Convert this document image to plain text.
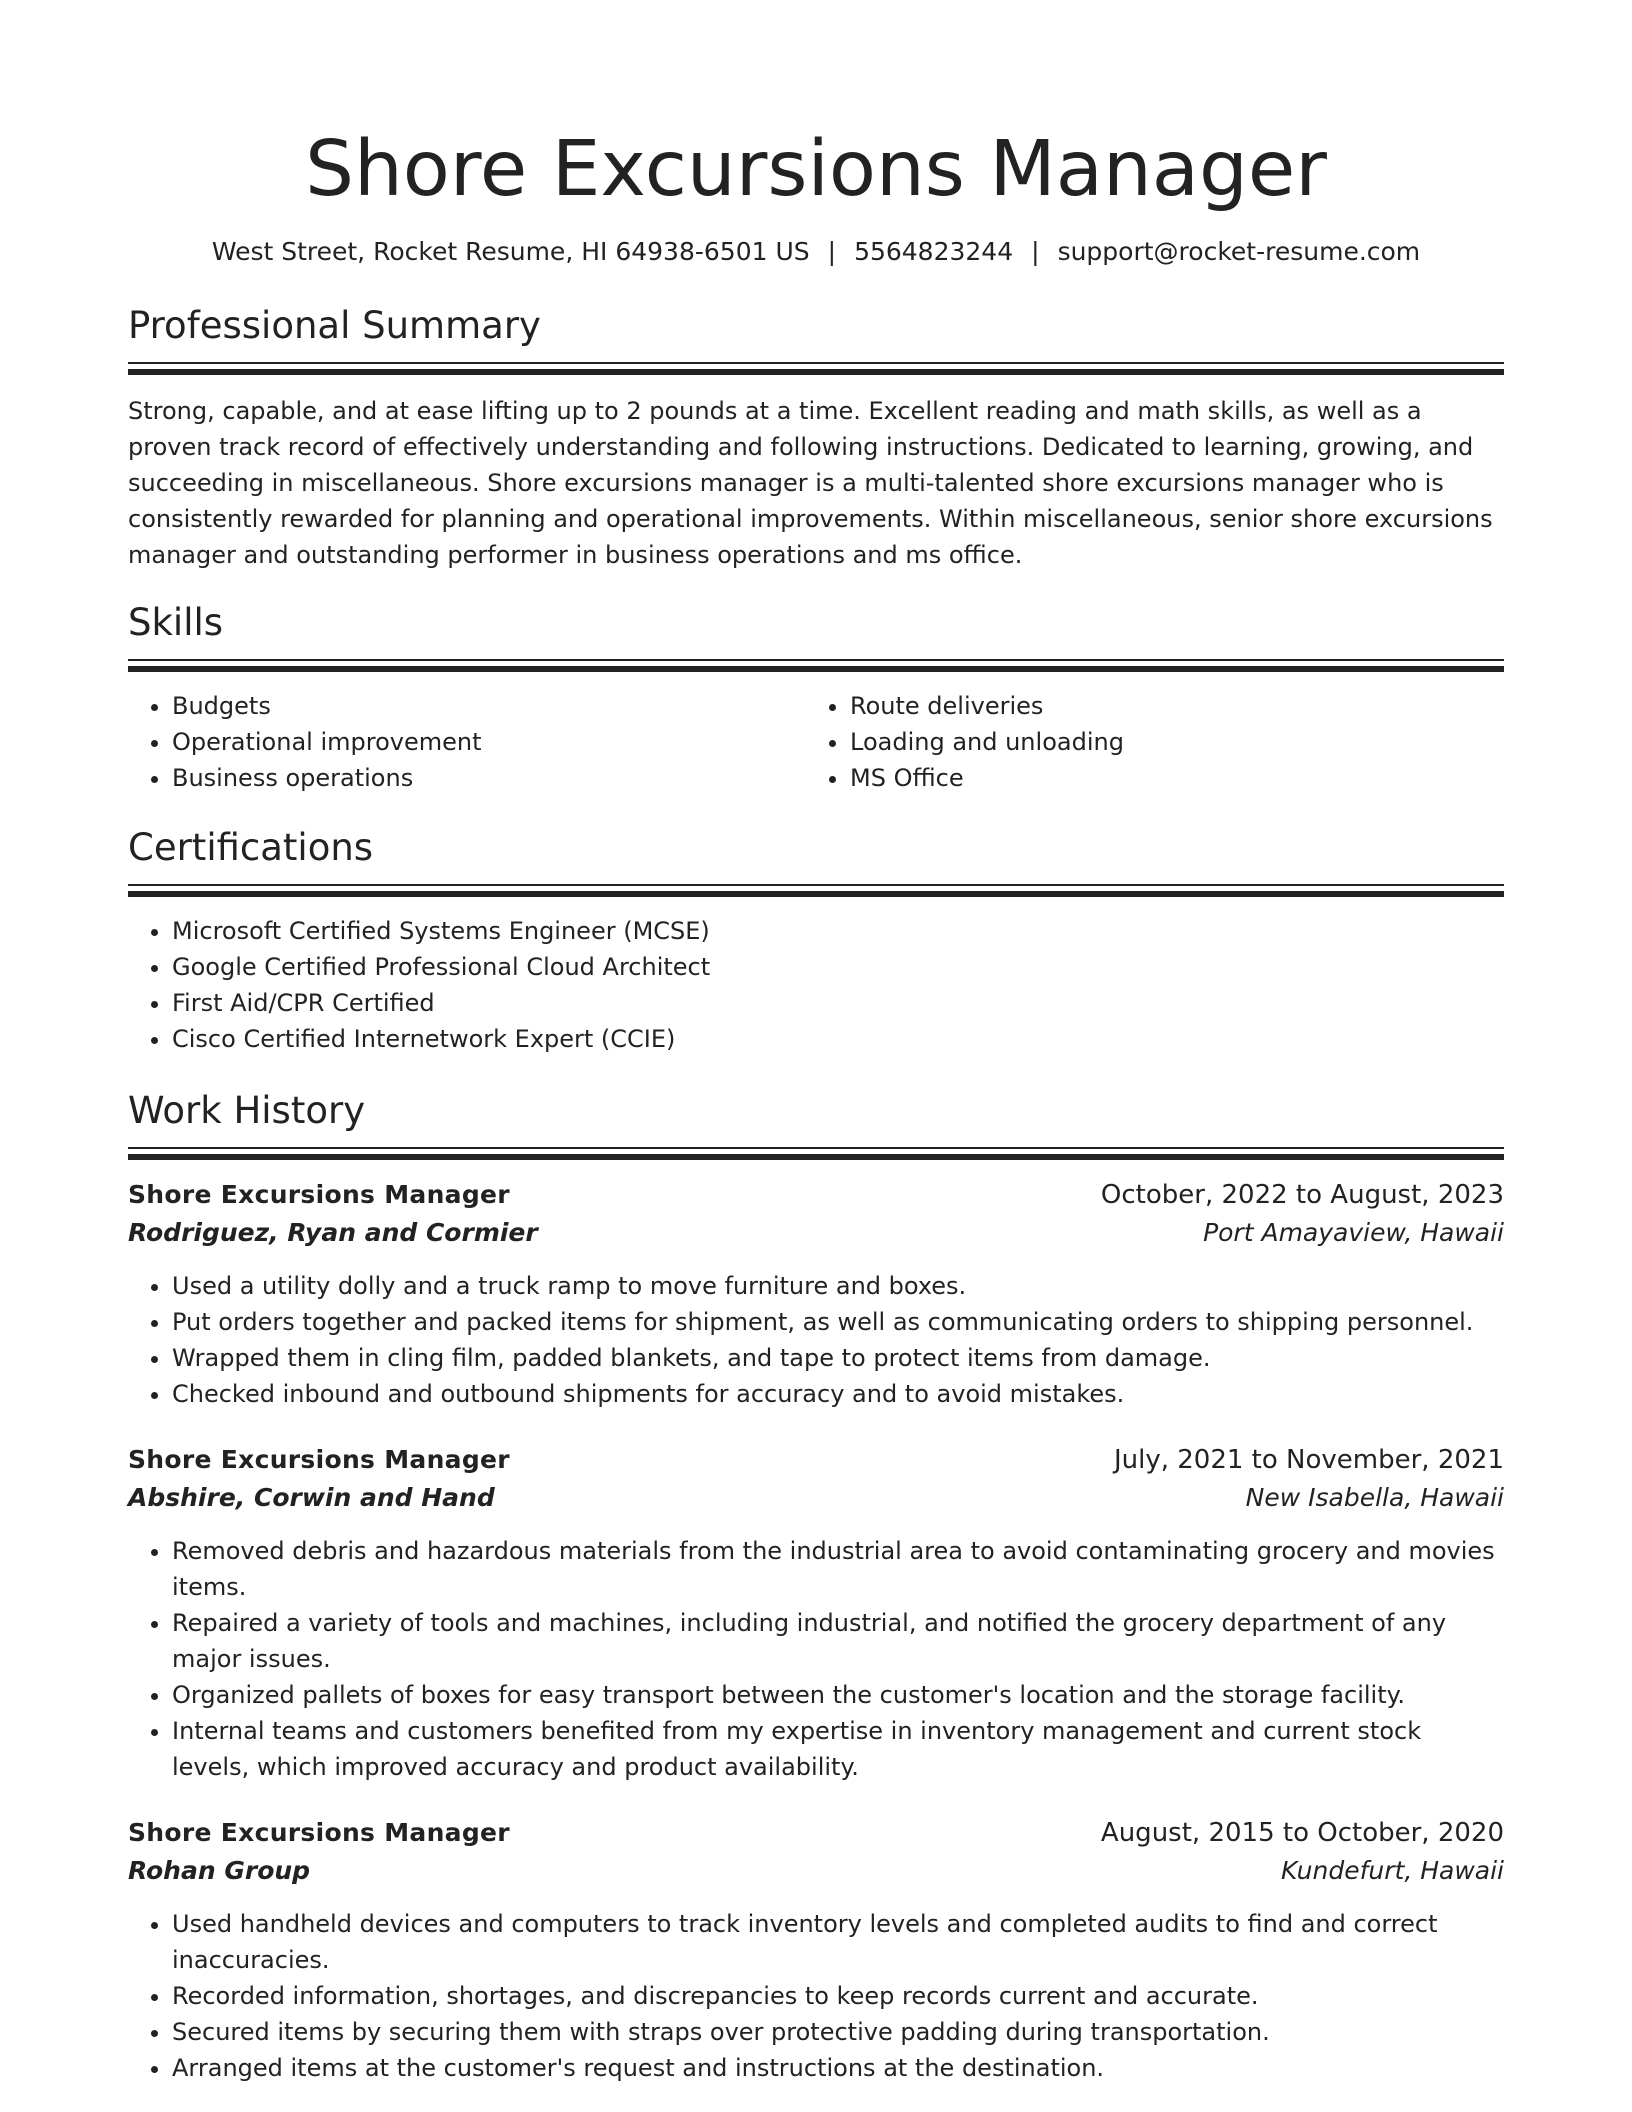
Shore Excursions Manager
West Street, Rocket Resume, HI 64938-6501 US | 5564823244 | support@rocket-resume.com
Professional Summary
Strong, capable, and at ease lifting up to 2 pounds at a time. Excellent reading and math skills, as well as a proven track record of effectively understanding and following instructions. Dedicated to learning, growing, and succeeding in miscellaneous. Shore excursions manager is a multi-talented shore excursions manager who is consistently rewarded for planning and operational improvements. Within miscellaneous, senior shore excursions manager and outstanding performer in business operations and ms office.
Skills
• Budgets
• Operational improvement
• Business operations
• Route deliveries
• Loading and unloading
• MS Office
Certifications
• Microsoft Certified Systems Engineer (MCSE)
• Google Certified Professional Cloud Architect
• First Aid/CPR Certified
• Cisco Certified Internetwork Expert (CCIE)
Work History
Shore Excursions Manager	October, 2022 to August, 2023
Rodriguez, Ryan and Cormier	Port Amayaview, Hawaii
• Used a utility dolly and a truck ramp to move furniture and boxes.
• Put orders together and packed items for shipment, as well as communicating orders to shipping personnel.
• Wrapped them in cling film, padded blankets, and tape to protect items from damage.
• Checked inbound and outbound shipments for accuracy and to avoid mistakes.
Shore Excursions Manager	July, 2021 to November, 2021
Abshire, Corwin and Hand	New Isabella, Hawaii
• Removed debris and hazardous materials from the industrial area to avoid contaminating grocery and movies items.
• Repaired a variety of tools and machines, including industrial, and notified the grocery department of any major issues.
• Organized pallets of boxes for easy transport between the customer's location and the storage facility.
• Internal teams and customers benefited from my expertise in inventory management and current stock levels, which improved accuracy and product availability.
Shore Excursions Manager	August, 2015 to October, 2020
Rohan Group	Kundefurt, Hawaii
• Used handheld devices and computers to track inventory levels and completed audits to find and correct inaccuracies.
• Recorded information, shortages, and discrepancies to keep records current and accurate.
• Secured items by securing them with straps over protective padding during transportation.
• Arranged items at the customer's request and instructions at the destination.
